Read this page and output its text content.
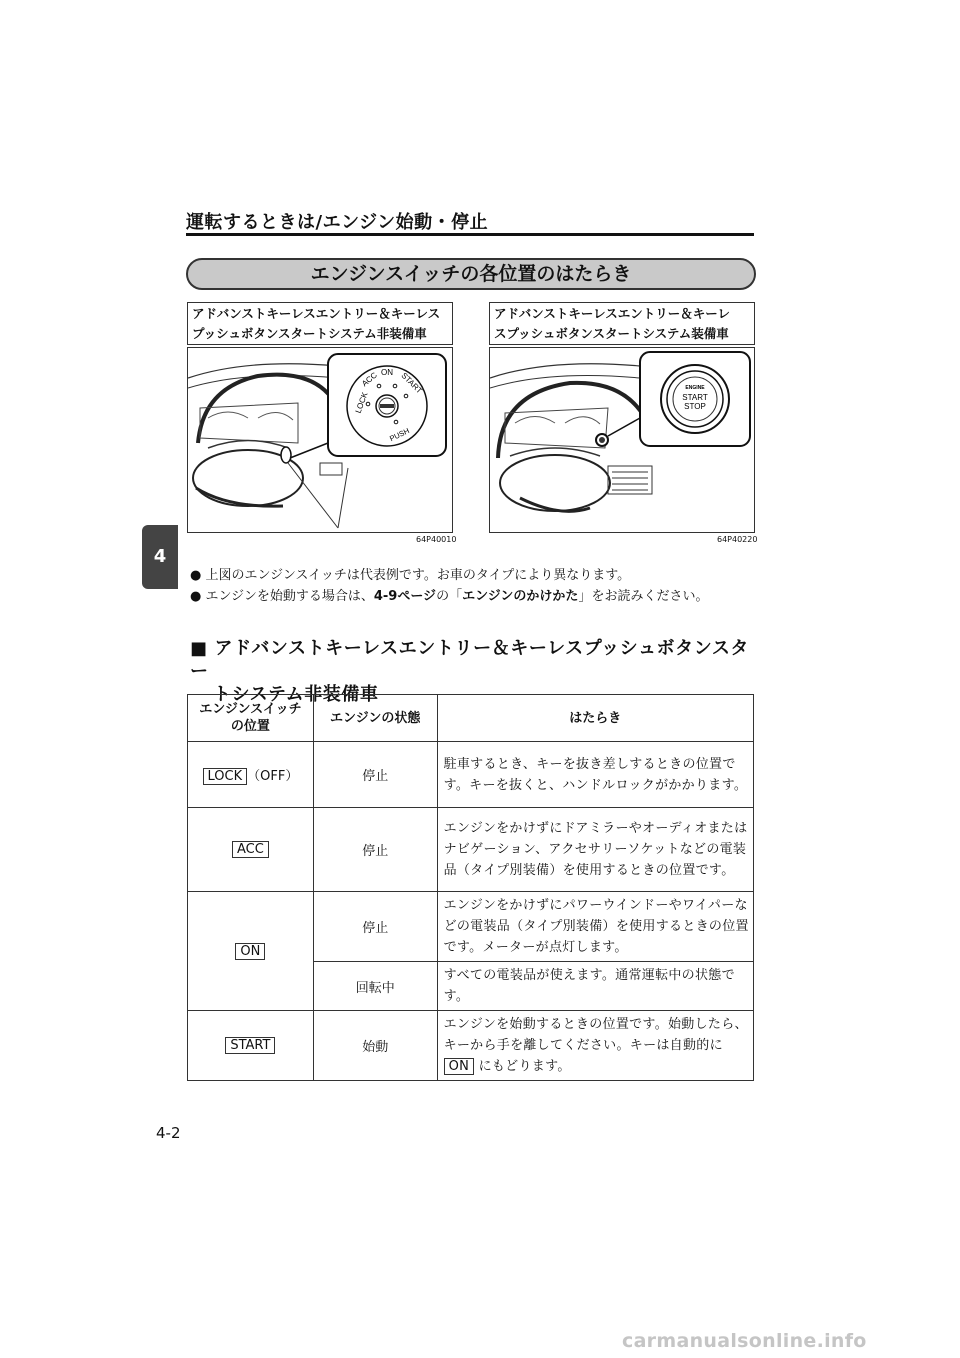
運転するときは/エンジン始動・停止
エンジンスイッチの各位置のはたらき
4
アドバンストキーレスエントリー＆キーレス
プッシュボタンスタートシステム非装備車
アドバンストキーレスエントリー＆キーレ
スプッシュボタンスタートシステム装備車
LOCK
ACC ON START
PUSH
64P40010
ENGINE
START
STOP
64P40220
● 上図のエンジンスイッチは代表例です。お車のタイプにより異なります。
● エンジンを始動する場合は、4-9ページの「エンジンのかけかた」をお読みください。
■ アドバンストキーレスエントリー＆キーレスプッシュボタンスター
トシステム非装備車
エンジンスイッチ
の位置	エンジンの状態	はたらき
LOCK （OFF）	停止	駐車するとき、キーを抜き差しするときの位置です。キーを抜くと、ハンドルロックがかかります。
ACC	停止	エンジンをかけずにドアミラーやオーディオまたはナビゲーション、アクセサリーソケットなどの電装品（タイプ別装備）を使用するときの位置です。
ON	停止	エンジンをかけずにパワーウインドーやワイパーなどの電装品（タイプ別装備）を使用するときの位置です。メーターが点灯します。
	回転中	すべての電装品が使えます。通常運転中の状態です。
START	始動	エンジンを始動するときの位置です。始動したら、キーから手を離してください。キーは自動的に ON にもどります。
4-2
carmanualsonline.info
